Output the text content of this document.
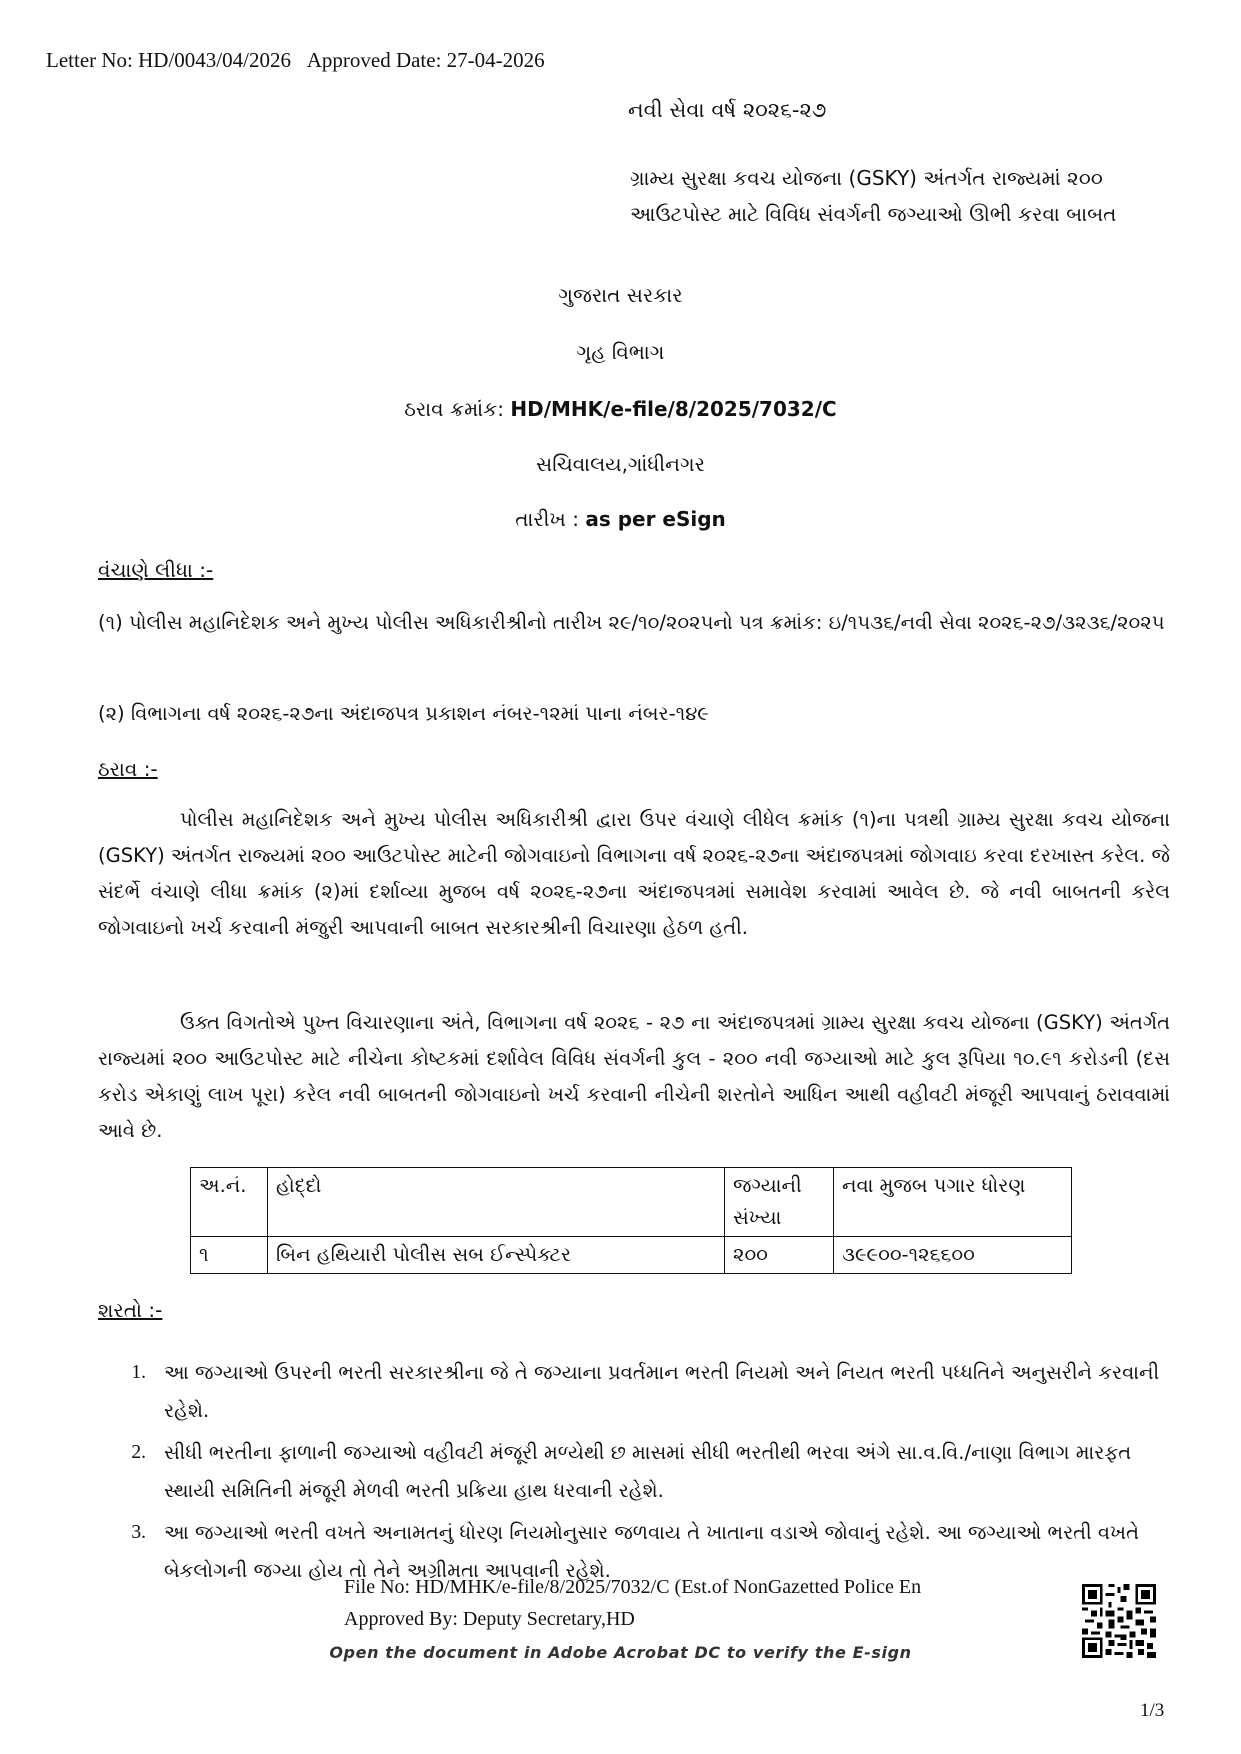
Letter No: HD/0043/04/2026 Approved Date: 27-04-2026
નવી સેવા વર્ષ ૨૦૨૬-૨૭
ગ્રામ્ય સુરક્ષા કવચ યોજના (GSKY) અંતર્ગત રાજ્યમાં ૨૦૦ આઉટપોસ્ટ માટે વિવિધ સંવર્ગની જગ્યાઓ ઊભી કરવા બાબત
ગુજરાત સરકાર
ગૃહ વિભાગ
ઠરાવ ક્રમાંક: HD/MHK/e-file/8/2025/7032/C
સચિવાલય,ગાંધીનગર
તારીખ : as per eSign
વંચાણે લીધા :-
(૧) પોલીસ મહાનિદેશક અને મુખ્ય પોલીસ અધિકારીશ્રીનો તારીખ ૨૯/૧૦/૨૦૨૫નો પત્ર ક્રમાંક: ઇ/૧૫૩૬/નવી સેવા ૨૦૨૬-૨૭/૩૨૩૬/૨૦૨૫
(૨) વિભાગના વર્ષ ૨૦૨૬-૨૭ના અંદાજપત્ર પ્રકાશન નંબર-૧૨માં પાના નંબર-૧૪૯
ઠરાવ :-
પોલીસ મહાનિદેશક અને મુખ્ય પોલીસ અધિકારીશ્રી દ્વારા ઉપર વંચાણે લીધેલ ક્રમાંક (૧)ના પત્રથી ગ્રામ્ય સુરક્ષા કવચ યોજના (GSKY) અંતર્ગત રાજ્યમાં ૨૦૦ આઉટપોસ્ટ માટેની જોગવાઇનો વિભાગના વર્ષ ૨૦૨૬-૨૭ના અંદાજપત્રમાં જોગવાઇ કરવા દરખાસ્ત કરેલ. જે સંદર્ભે વંચાણે લીધા ક્રમાંક (૨)માં દર્શાવ્યા મુજબ વર્ષ ૨૦૨૬-૨૭ના અંદાજપત્રમાં સમાવેશ કરવામાં આવેલ છે. જે નવી બાબતની કરેલ જોગવાઇનો ખર્ચ કરવાની મંજુરી આપવાની બાબત સરકારશ્રીની વિચારણા હેઠળ હતી.
ઉક્ત વિગતોએ પુખ્ત વિચારણાના અંતે, વિભાગના વર્ષ ૨૦૨૬ - ૨૭ ના અંદાજપત્રમાં ગ્રામ્ય સુરક્ષા કવચ યોજના (GSKY) અંતર્ગત રાજ્યમાં ૨૦૦ આઉટપોસ્ટ માટે નીચેના કોષ્ટકમાં દર્શાવેલ વિવિધ સંવર્ગની કુલ - ૨૦૦ નવી જગ્યાઓ માટે કુલ રૂપિયા ૧૦.૯૧ કરોડની (દસ કરોડ એકાણું લાખ પૂરા) કરેલ નવી બાબતની જોગવાઇનો ખર્ચ કરવાની નીચેની શરતોને આધિન આથી વહીવટી મંજૂરી આપવાનું ઠરાવવામાં આવે છે.
અ.નં.	હોદ્દો	જગ્યાની સંખ્યા	નવા મુજબ પગાર ધોરણ
૧	બિન હથિયારી પોલીસ સબ ઈન્સ્પેક્ટર	૨૦૦	૩૯૯૦૦-૧૨૬૬૦૦
શરતો :-
1. આ જગ્યાઓ ઉપરની ભરતી સરકારશ્રીના જે તે જગ્યાના પ્રવર્તમાન ભરતી નિયમો અને નિયત ભરતી પધ્ધતિને અનુસરીને કરવાની રહેશે.
2. સીધી ભરતીના ફાળાની જગ્યાઓ વહીવટી મંજૂરી મળ્યેથી છ માસમાં સીધી ભરતીથી ભરવા અંગે સા.વ.વિ./નાણા વિભાગ મારફત સ્થાયી સમિતિની મંજૂરી મેળવી ભરતી પ્રક્રિયા હાથ ધરવાની રહેશે.
3. આ જગ્યાઓ ભરતી વખતે અનામતનું ધોરણ નિયમોનુસાર જળવાય તે ખાતાના વડાએ જોવાનું રહેશે. આ જગ્યાઓ ભરતી વખતે બેકલોગની જગ્યા હોય તો તેને અગ્રીમતા આપવાની રહેશે.
File No: HD/MHK/e-file/8/2025/7032/C (Est.of NonGazetted Police En
Approved By: Deputy Secretary,HD
Open the document in Adobe Acrobat DC to verify the E-sign
1/3
